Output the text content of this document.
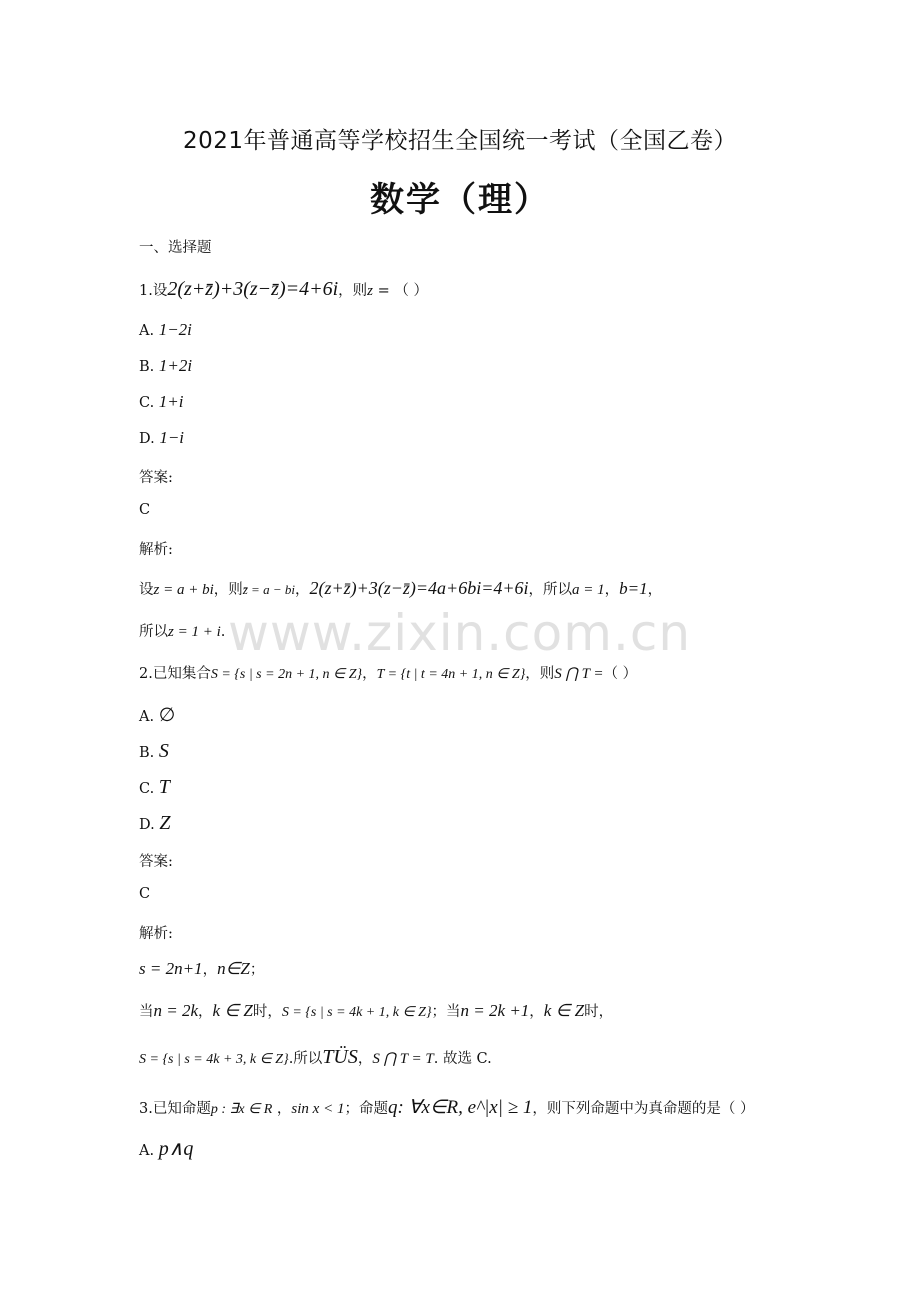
2021年普通高等学校招生全国统一考试（全国乙卷）
数学（理）
一、选择题
1.设2(z+z̄)+3(z−z̄)=4+6i，则z = （ ）
A. 1−2i
B. 1+2i
C. 1+i
D. 1−i
答案:
C
解析:
设z = a + bi，则z̄ = a − bi，2(z+z̄)+3(z−z̄)=4a+6bi=4+6i，所以a = 1，b=1，
所以z = 1 + i. www.zixin.com.cn
2.已知集合S = {s | s = 2n + 1, n ∈ Z}，T = {t | t = 4n + 1, n ∈ Z}，则S ⋂ T =（ ）
A. ∅
B. S
C. T
D. Z
答案:
C
解析:
s = 2n+1，n∈Z；
当n = 2k，k ∈ Z时，S = {s | s = 4k + 1, k ∈ Z}；当n = 2k +1，k ∈ Z时，
S = {s | s = 4k + 3, k ∈ Z}.所以TÜS，S ⋂ T = T. 故选 C.
3.已知命题p : ∃x ∈ R ，sin x < 1；命题q: ∀x∈R, e^|x| ≥ 1，则下列命题中为真命题的是（ ）
A. p∧q
